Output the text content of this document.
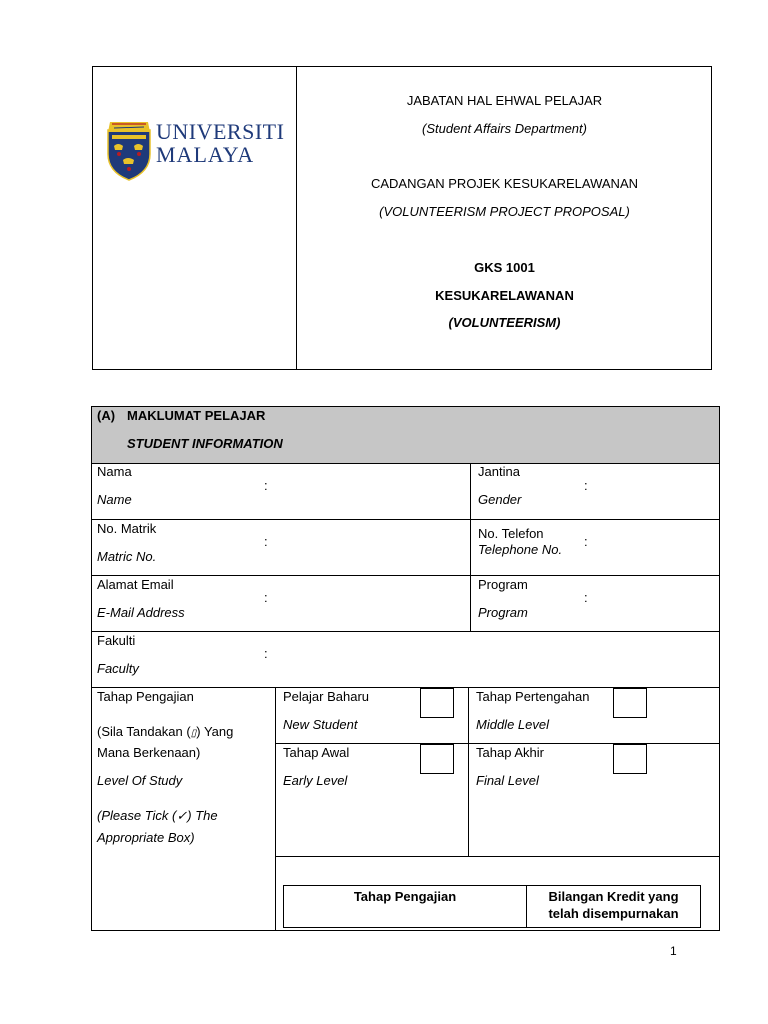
UNIVERSITI
MALAYA
JABATAN HAL EHWAL PELAJAR
(Student Affairs Department)
CADANGAN PROJEK KESUKARELAWANAN
(VOLUNTEERISM PROJECT PROPOSAL)
GKS 1001
KESUKARELAWANAN
(VOLUNTEERISM)
(A) MAKLUMAT PELAJAR
STUDENT INFORMATION
Nama
Name
:
Jantina
Gender
:
No. Matrik
Matric No.
:
No. Telefon
Telephone No.
:
Alamat Email
E-Mail Address
:
Program
Program
:
Fakulti
Faculty
:
Tahap Pengajian
(Sila Tandakan (▯) Yang
Mana Berkenaan)
Level Of Study
(Please Tick (✓) The
Appropriate Box)
Pelajar Baharu
New Student
Tahap Pertengahan
Middle Level
Tahap Awal
Early Level
Tahap Akhir
Final Level
Tahap Pengajian	Bilangan Kredit yang
telah disempurnakan
1
